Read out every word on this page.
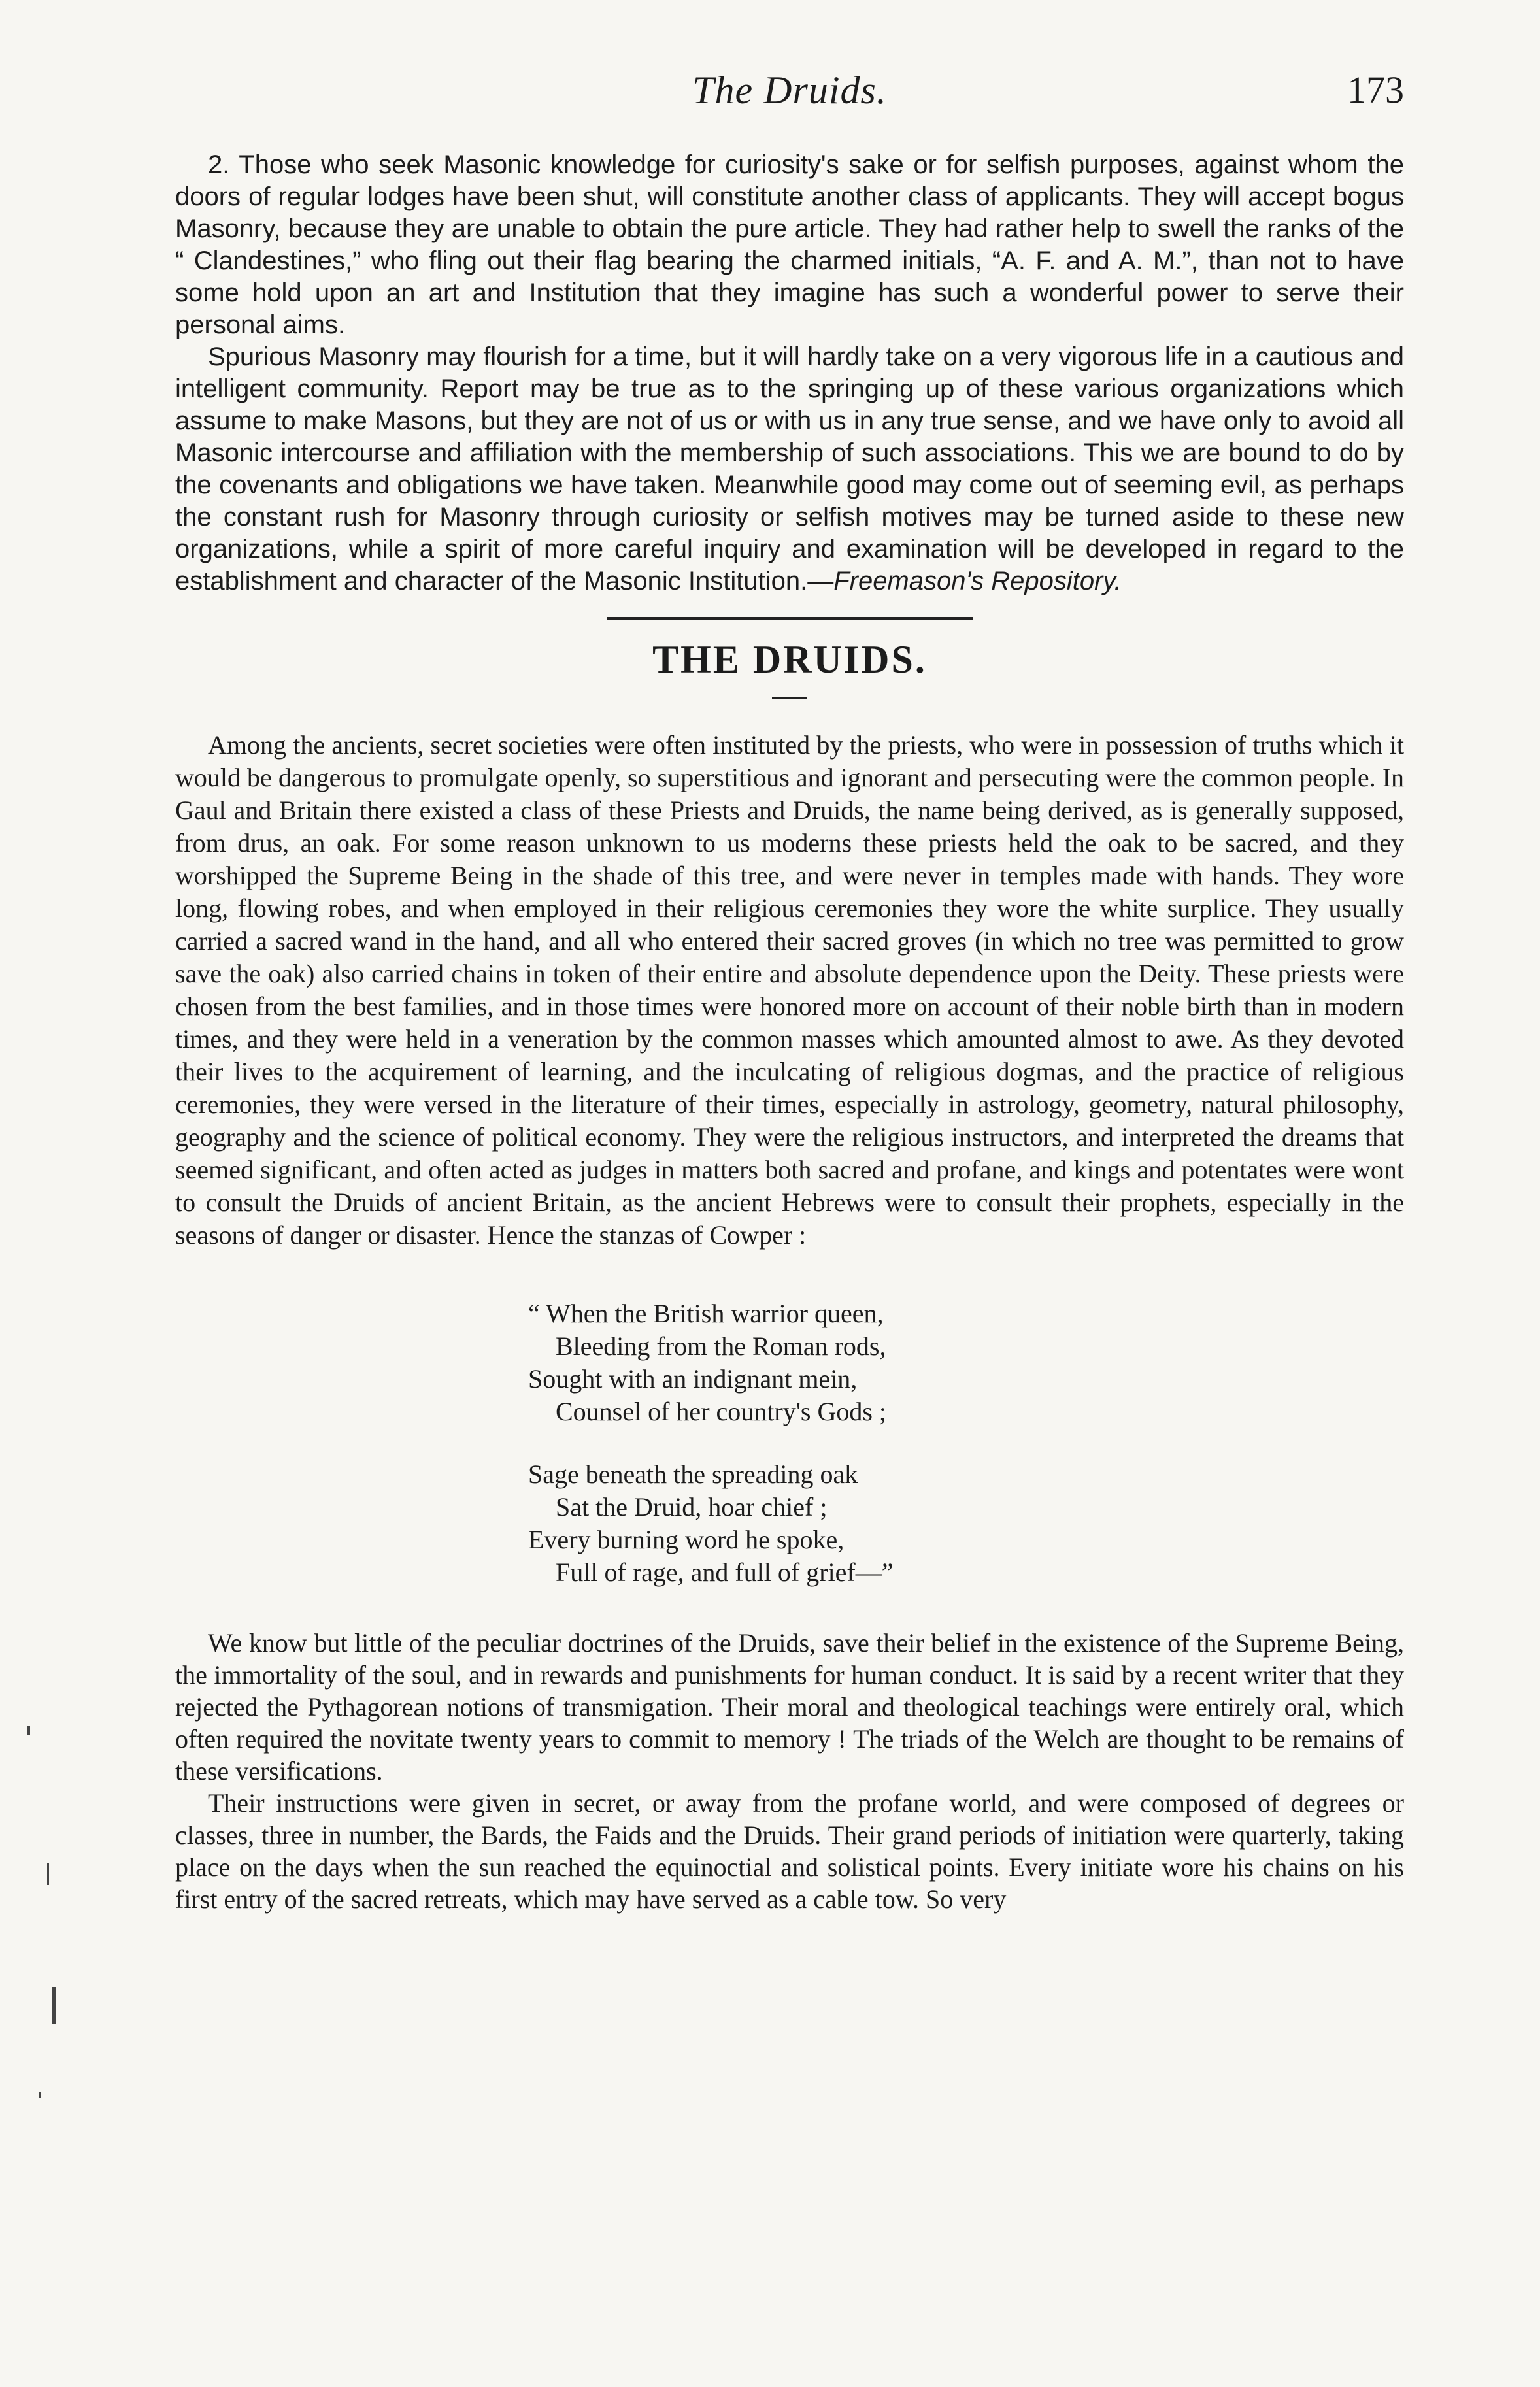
The Druids.	173

2. Those who seek Masonic knowledge for curiosity's sake or for selfish purposes, against whom the doors of regular lodges have been shut, will constitute another class of applicants. They will accept bogus Masonry, because they are unable to obtain the pure article. They had rather help to swell the ranks of the “ Clandestines,” who fling out their flag bearing the charmed initials, “A. F. and A. M.”, than not to have some hold upon an art and Institution that they imagine has such a wonderful power to serve their personal aims.

Spurious Masonry may flourish for a time, but it will hardly take on a very vigorous life in a cautious and intelligent community. Report may be true as to the springing up of these various organizations which assume to make Masons, but they are not of us or with us in any true sense, and we have only to avoid all Masonic intercourse and affiliation with the membership of such associations. This we are bound to do by the covenants and obligations we have taken. Meanwhile good may come out of seeming evil, as perhaps the constant rush for Masonry through curiosity or selfish motives may be turned aside to these new organizations, while a spirit of more careful inquiry and examination will be developed in regard to the establishment and character of the Masonic Institution.—Freemason's Repository.

THE DRUIDS.

Among the ancients, secret societies were often instituted by the priests, who were in possession of truths which it would be dangerous to promulgate openly, so superstitious and ignorant and persecuting were the common people. In Gaul and Britain there existed a class of these Priests and Druids, the name being derived, as is generally supposed, from drus, an oak. For some reason unknown to us moderns these priests held the oak to be sacred, and they worshipped the Supreme Being in the shade of this tree, and were never in temples made with hands. They wore long, flowing robes, and when employed in their religious ceremonies they wore the white surplice. They usually carried a sacred wand in the hand, and all who entered their sacred groves (in which no tree was permitted to grow save the oak) also carried chains in token of their entire and absolute dependence upon the Deity. These priests were chosen from the best families, and in those times were honored more on account of their noble birth than in modern times, and they were held in a veneration by the common masses which amounted almost to awe. As they devoted their lives to the acquirement of learning, and the inculcating of religious dogmas, and the practice of religious ceremonies, they were versed in the literature of their times, especially in astrology, geometry, natural philosophy, geography and the science of political economy. They were the religious instructors, and interpreted the dreams that seemed significant, and often acted as judges in matters both sacred and profane, and kings and potentates were wont to consult the Druids of ancient Britain, as the ancient Hebrews were to consult their prophets, especially in the seasons of danger or disaster. Hence the stanzas of Cowper :

“ When the British warrior queen,
Bleeding from the Roman rods,
Sought with an indignant mein,
Counsel of her country's Gods ;
Sage beneath the spreading oak
Sat the Druid, hoar chief ;
Every burning word he spoke,
Full of rage, and full of grief—”

We know but little of the peculiar doctrines of the Druids, save their belief in the existence of the Supreme Being, the immortality of the soul, and in rewards and punishments for human conduct. It is said by a recent writer that they rejected the Pythagorean notions of transmigation. Their moral and theological teachings were entirely oral, which often required the novitate twenty years to commit to memory ! The triads of the Welch are thought to be remains of these versifications.

Their instructions were given in secret, or away from the profane world, and were composed of degrees or classes, three in number, the Bards, the Faids and the Druids. Their grand periods of initiation were quarterly, taking place on the days when the sun reached the equinoctial and solistical points. Every initiate wore his chains on his first entry of the sacred retreats, which may have served as a cable tow. So very
